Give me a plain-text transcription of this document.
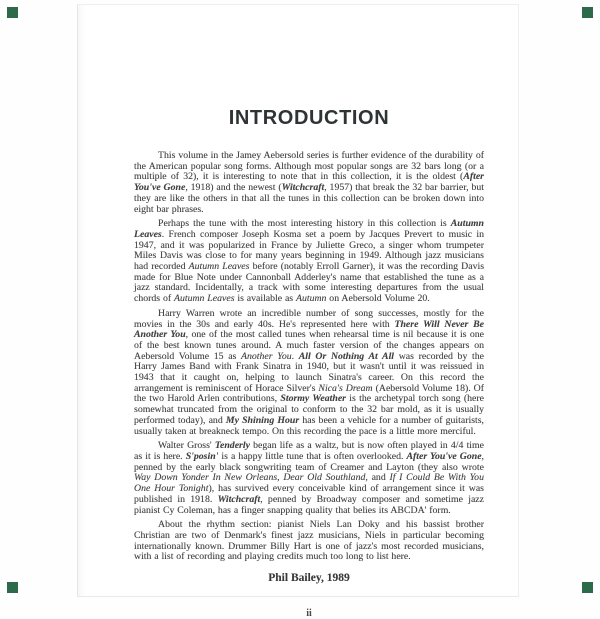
INTRODUCTION

This volume in the Jamey Aebersold series is further evidence of the durability of the American popular song forms. Although most popular songs are 32 bars long (or a multiple of 32), it is interesting to note that in this collection, it is the oldest (After You've Gone, 1918) and the newest (Witchcraft, 1957) that break the 32 bar barrier, but they are like the others in that all the tunes in this collection can be broken down into eight bar phrases.

Perhaps the tune with the most interesting history in this collection is Autumn Leaves. French composer Joseph Kosma set a poem by Jacques Prevert to music in 1947, and it was popularized in France by Juliette Greco, a singer whom trumpeter Miles Davis was close to for many years beginning in 1949. Although jazz musicians had recorded Autumn Leaves before (notably Erroll Garner), it was the recording Davis made for Blue Note under Cannonball Adderley's name that established the tune as a jazz standard. Incidentally, a track with some interesting departures from the usual chords of Autumn Leaves is available as Autumn on Aebersold Volume 20.

Harry Warren wrote an incredible number of song successes, mostly for the movies in the 30s and early 40s. He's represented here with There Will Never Be Another You, one of the most called tunes when rehearsal time is nil because it is one of the best known tunes around. A much faster version of the changes appears on Aebersold Volume 15 as Another You. All Or Nothing At All was recorded by the Harry James Band with Frank Sinatra in 1940, but it wasn't until it was reissued in 1943 that it caught on, helping to launch Sinatra's career. On this record the arrangement is reminiscent of Horace Silver's Nica's Dream (Aebersold Volume 18). Of the two Harold Arlen contributions, Stormy Weather is the archetypal torch song (here somewhat truncated from the original to conform to the 32 bar mold, as it is usually performed today), and My Shining Hour has been a vehicle for a number of guitarists, usually taken at breakneck tempo. On this recording the pace is a little more merciful.

Walter Gross' Tenderly began life as a waltz, but is now often played in 4/4 time as it is here. S'posin' is a happy little tune that is often overlooked. After You've Gone, penned by the early black songwriting team of Creamer and Layton (they also wrote Way Down Yonder In New Orleans, Dear Old Southland, and If I Could Be With You One Hour Tonight), has survived every conceivable kind of arrangement since it was published in 1918. Witchcraft, penned by Broadway composer and sometime jazz pianist Cy Coleman, has a finger snapping quality that belies its ABCDA' form.

About the rhythm section: pianist Niels Lan Doky and his bassist brother Christian are two of Denmark's finest jazz musicians, Niels in particular becoming internationally known. Drummer Billy Hart is one of jazz's most recorded musicians, with a list of recording and playing credits much too long to list here.

Phil Bailey, 1989
ii
